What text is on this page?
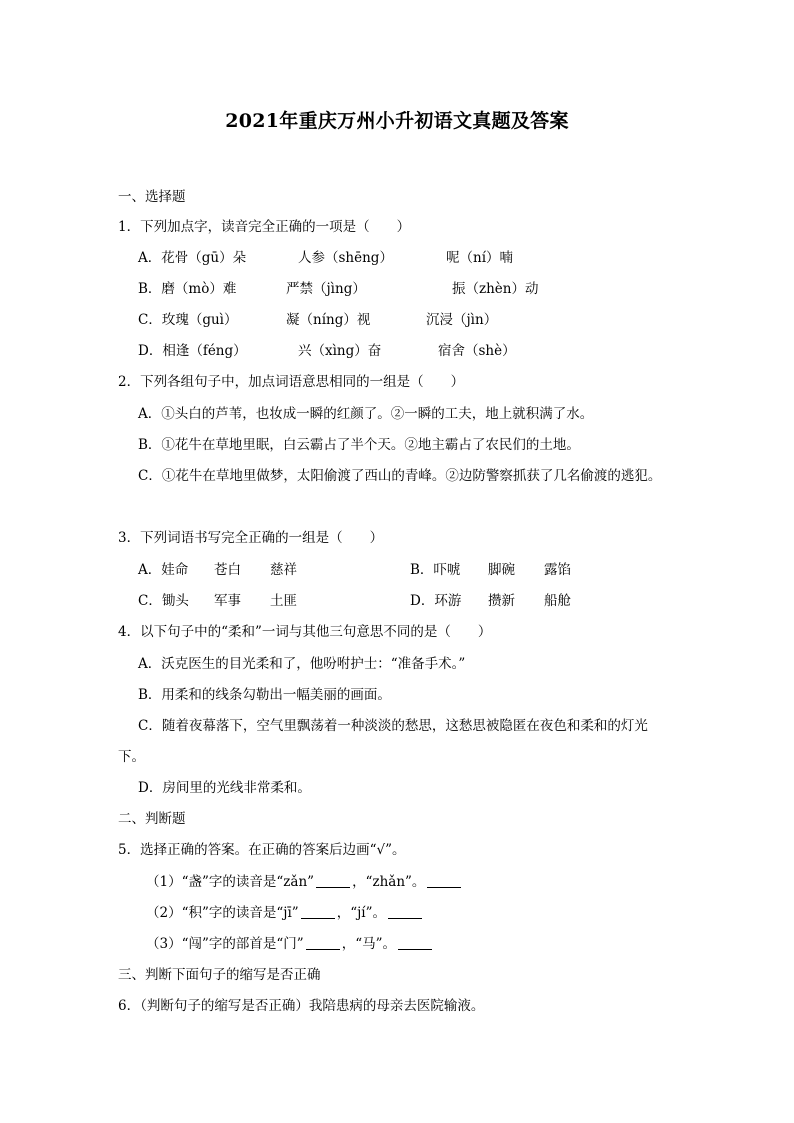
2021年重庆万州小升初语文真题及答案
一、选择题
1．下列加点字，读音完全正确的一项是（　　）
A．花骨（gū）朵	人参（shēng）	呢（ní）喃
B．磨（mò）难	严禁（jìng）	振（zhèn）动
C．玫瑰（guì）	凝（níng）视	沉浸（jìn）
D．相逢（féng）	兴（xìng）奋	宿舍（shè）
2．下列各组句子中，加点词语意思相同的一组是（　　）
A．①头白的芦苇，也妆成一瞬的红颜了。②一瞬的工夫，地上就积满了水。
B．①花牛在草地里眠，白云霸占了半个天。②地主霸占了农民们的土地。
C．①花牛在草地里做梦，太阳偷渡了西山的青峰。②边防警察抓获了几名偷渡的逃犯。
3．下列词语书写完全正确的一组是（　　）
A．娃命 苍白 慈祥	B．吓唬 脚碗 露馅
C．锄头 军事 土匪	D．环游 攒新 船舱
4．以下句子中的“柔和”一词与其他三句意思不同的是（　　）
A．沃克医生的目光柔和了，他吩咐护士：“准备手术。”
B．用柔和的线条勾勒出一幅美丽的画面。
C．随着夜幕落下，空气里飘荡着一种淡淡的愁思，这愁思被隐匿在夜色和柔和的灯光
下。
D．房间里的光线非常柔和。
二、判断题
5．选择正确的答案。在正确的答案后边画“√”。
（1）“盏”字的读音是“zǎn”	，“zhǎn”。
（2）“积”字的读音是“jī”	，“jí”。
（3）“闯”字的部首是“门”	，“马”。
三、判断下面句子的缩写是否正确
6．（判断句子的缩写是否正确）我陪患病的母亲去医院输液。
